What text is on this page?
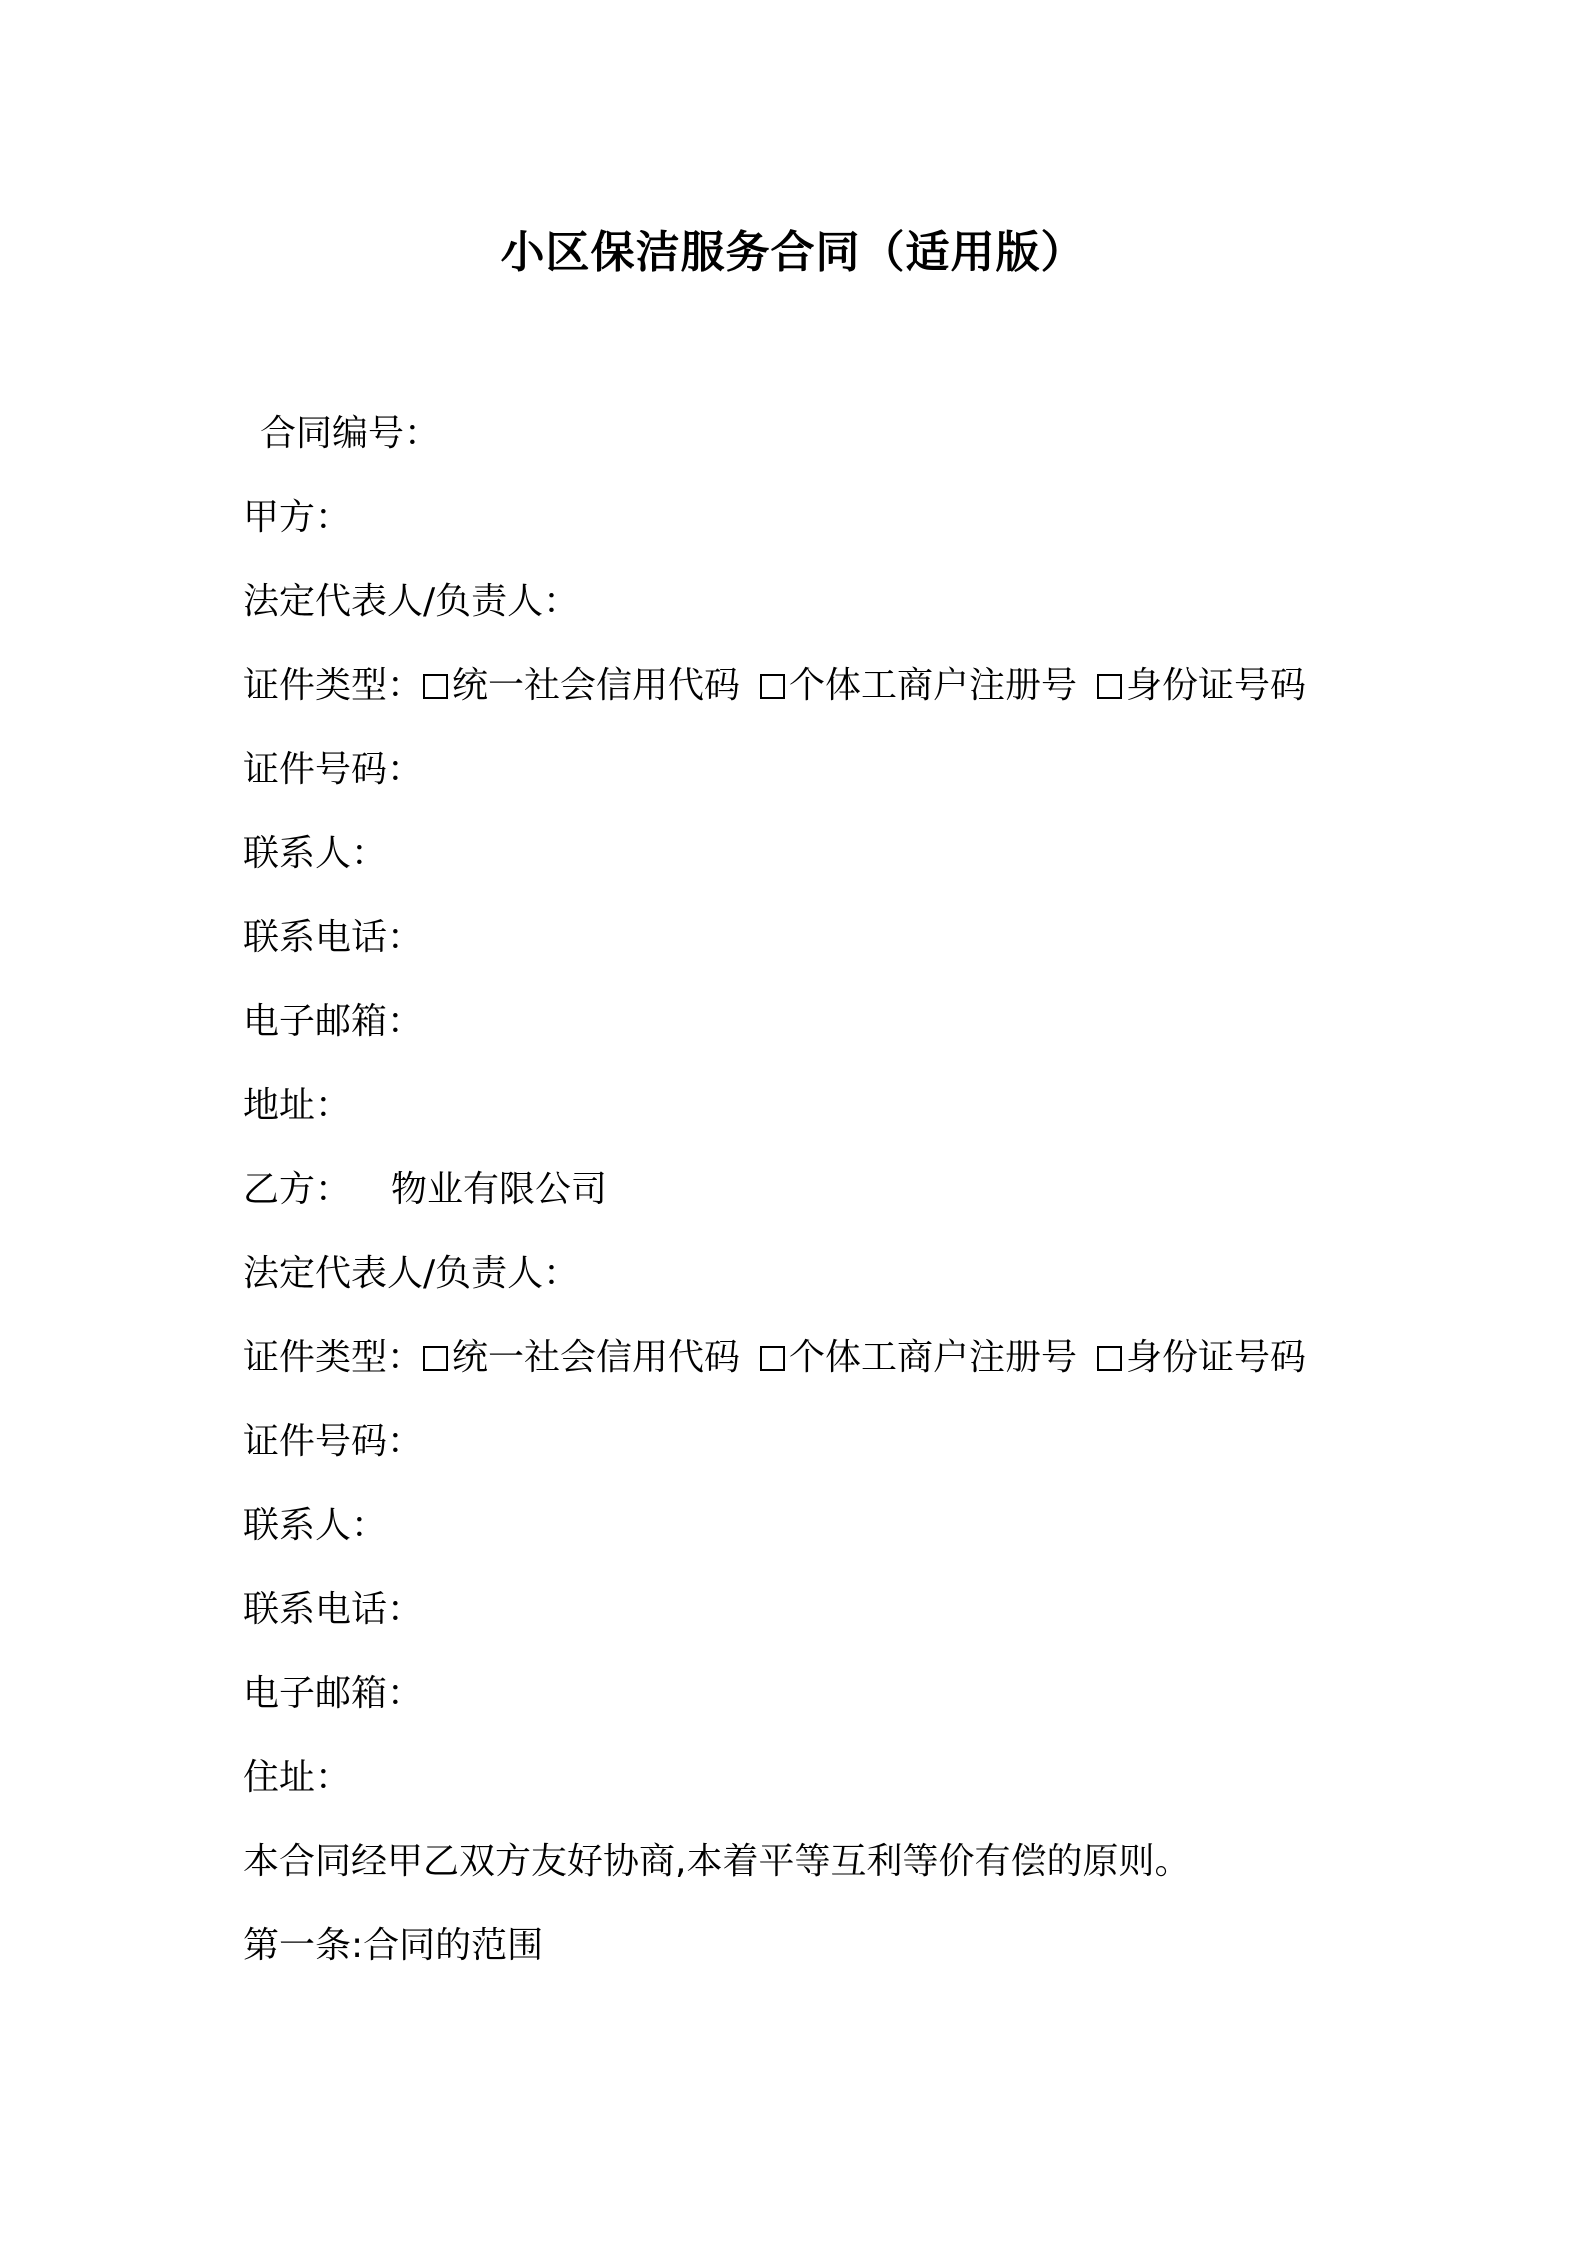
小区保洁服务合同（适用版）
合同编号：
甲方：
法定代表人/负责人：
证件类型： 统一社会信用代码 个体工商户注册号 身份证号码
证件号码：
联系人：
联系电话：
电子邮箱：
地址：
乙方： 物业有限公司
法定代表人/负责人：
证件类型： 统一社会信用代码 个体工商户注册号 身份证号码
证件号码：
联系人：
联系电话：
电子邮箱：
住址：
本合同经甲乙双方友好协商,本着平等互利等价有偿的原则。
第一条:合同的范围
